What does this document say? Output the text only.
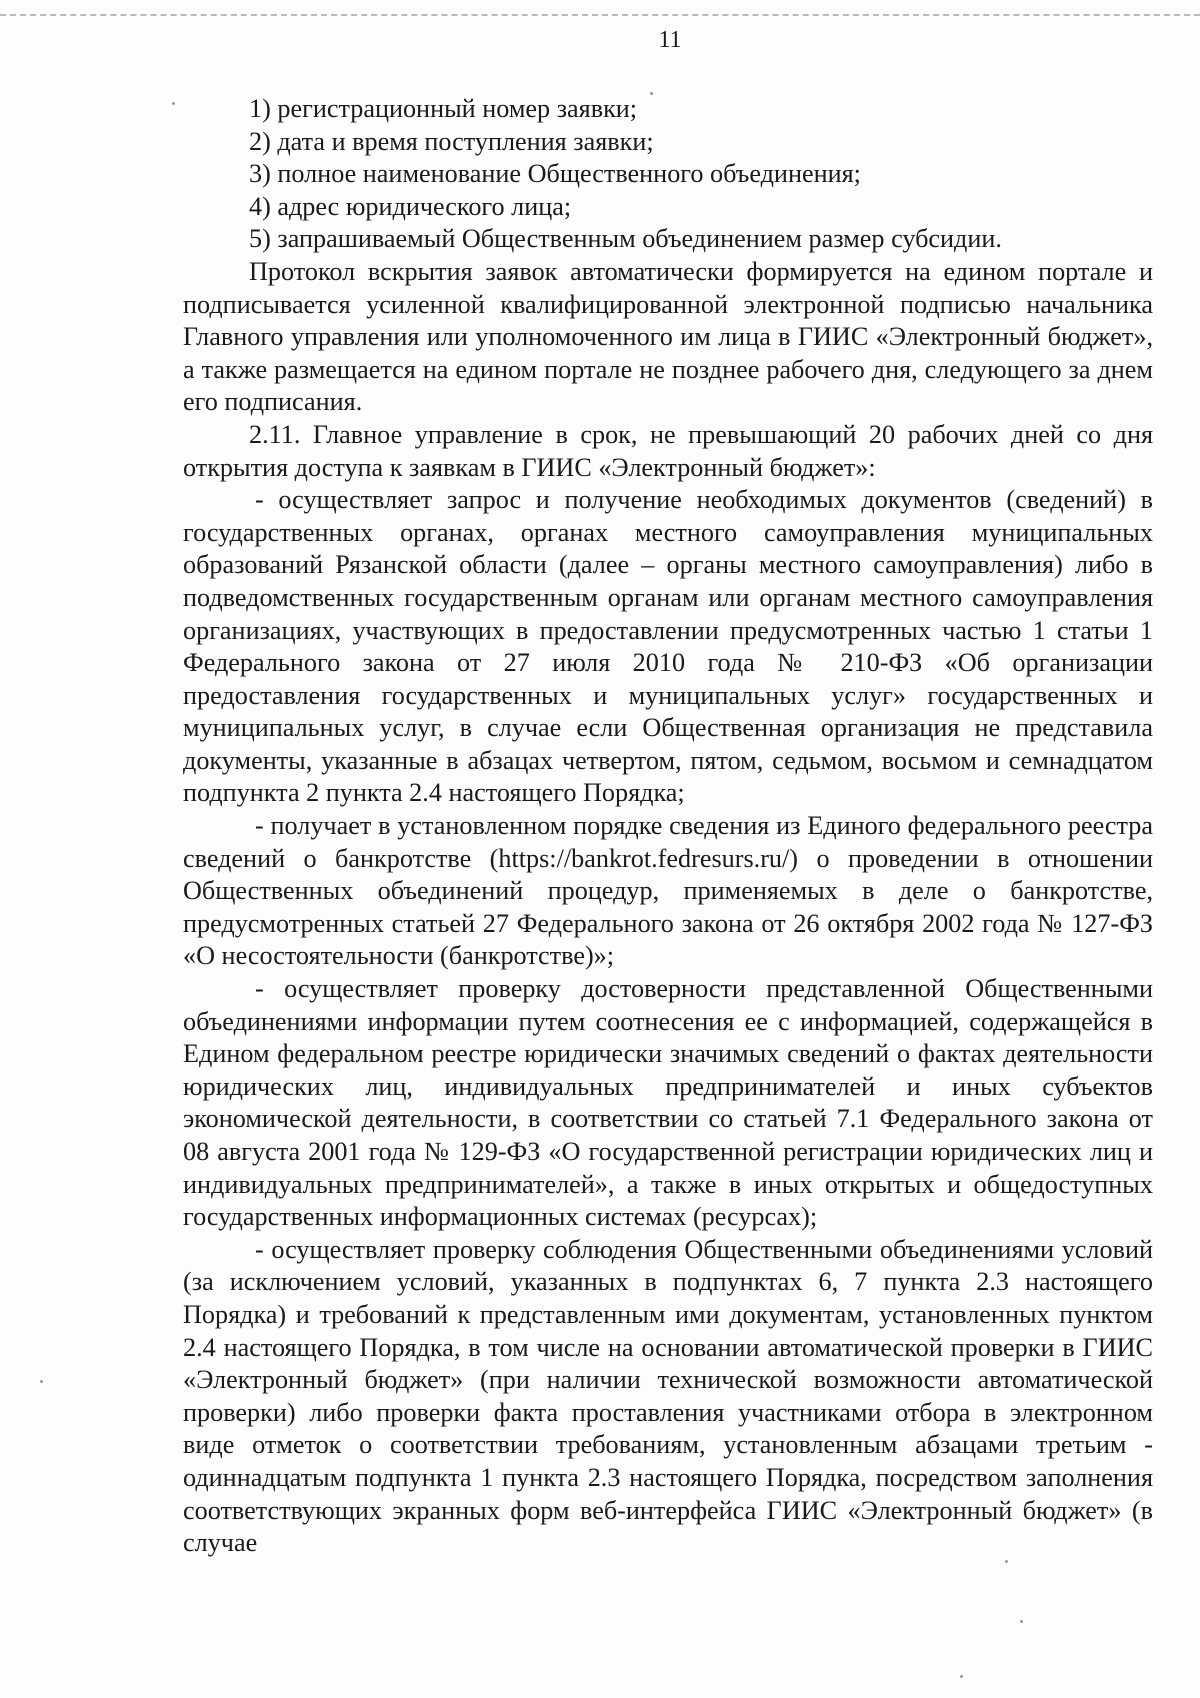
11

1) регистрационный номер заявки;

2) дата и время поступления заявки;

3) полное наименование Общественного объединения;

4) адрес юридического лица;

5) запрашиваемый Общественным объединением размер субсидии.

Протокол вскрытия заявок автоматически формируется на едином портале и подписывается усиленной квалифицированной электронной подписью начальника Главного управления или уполномоченного им лица в ГИИС «Электронный бюджет», а также размещается на едином портале не позднее рабочего дня, следующего за днем его подписания.

2.11. Главное управление в срок, не превышающий 20 рабочих дней со дня открытия доступа к заявкам в ГИИС «Электронный бюджет»:

- осуществляет запрос и получение необходимых документов (сведений) в государственных органах, органах местного самоуправления муниципальных образований Рязанской области (далее – органы местного самоуправления) либо в подведомственных государственным органам или органам местного самоуправления организациях, участвующих в предоставлении предусмотренных частью 1 статьи 1 Федерального закона от 27 июля 2010 года № 210-ФЗ «Об организации предоставления государственных и муниципальных услуг» государственных и муниципальных услуг, в случае если Общественная организация не представила документы, указанные в абзацах четвертом, пятом, седьмом, восьмом и семнадцатом подпункта 2 пункта 2.4 настоящего Порядка;

- получает в установленном порядке сведения из Единого федерального реестра сведений о банкротстве (https://bankrot.fedresurs.ru/) о проведении в отношении Общественных объединений процедур, применяемых в деле о банкротстве, предусмотренных статьей 27 Федерального закона от 26 октября 2002 года № 127-ФЗ «О несостоятельности (банкротстве)»;

- осуществляет проверку достоверности представленной Общественными объединениями информации путем соотнесения ее с информацией, содержащейся в Едином федеральном реестре юридически значимых сведений о фактах деятельности юридических лиц, индивидуальных предпринимателей и иных субъектов экономической деятельности, в соответствии со статьей 7.1 Федерального закона от 08 августа 2001 года № 129-ФЗ «О государственной регистрации юридических лиц и индивидуальных предпринимателей», а также в иных открытых и общедоступных государственных информационных системах (ресурсах);

- осуществляет проверку соблюдения Общественными объединениями условий (за исключением условий, указанных в подпунктах 6, 7 пункта 2.3 настоящего Порядка) и требований к представленным ими документам, установленных пунктом 2.4 настоящего Порядка, в том числе на основании автоматической проверки в ГИИС «Электронный бюджет» (при наличии технической возможности автоматической проверки) либо проверки факта проставления участниками отбора в электронном виде отметок о соответствии требованиям, установленным абзацами третьим - одиннадцатым подпункта 1 пункта 2.3 настоящего Порядка, посредством заполнения соответствующих экранных форм веб-интерфейса ГИИС «Электронный бюджет» (в случае
